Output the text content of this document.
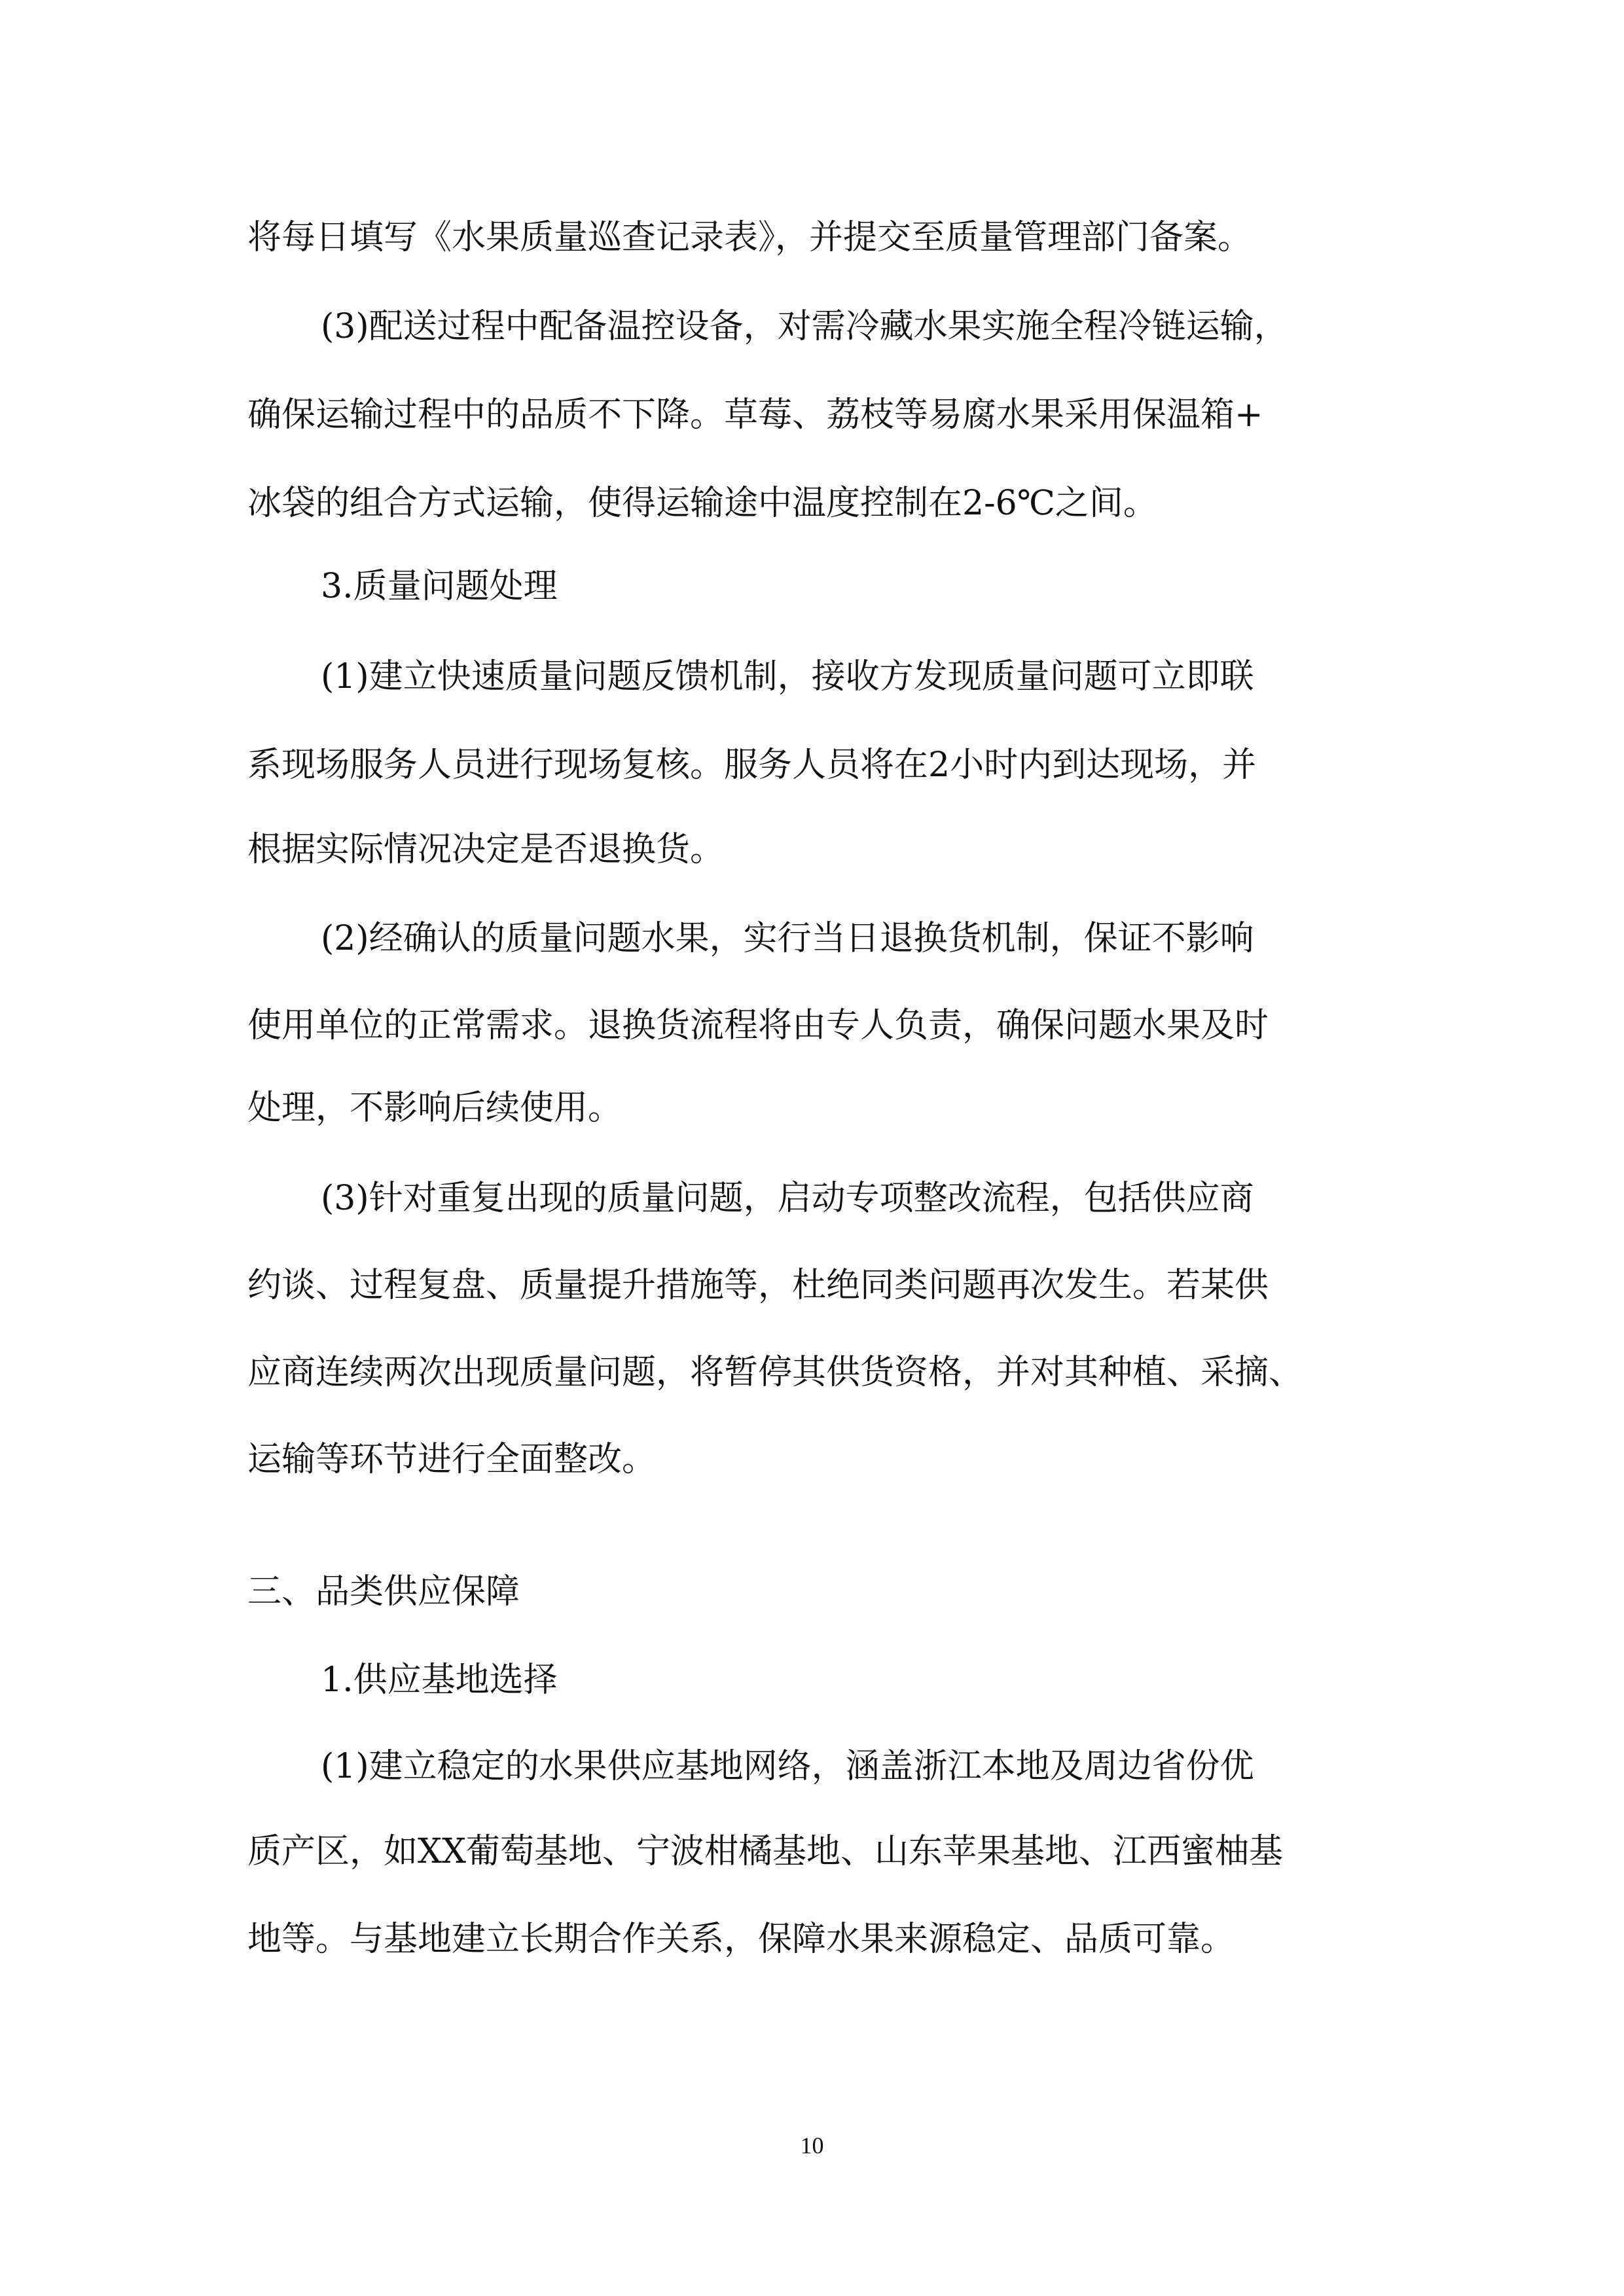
将每日填写《水果质量巡查记录表》，并提交至质量管理部门备案。
(3)配送过程中配备温控设备，对需冷藏水果实施全程冷链运输，
确保运输过程中的品质不下降。草莓、荔枝等易腐水果采用保温箱+
冰袋的组合方式运输，使得运输途中温度控制在2-6℃之间。
3.质量问题处理
(1)建立快速质量问题反馈机制，接收方发现质量问题可立即联
系现场服务人员进行现场复核。服务人员将在2小时内到达现场，并
根据实际情况决定是否退换货。
(2)经确认的质量问题水果，实行当日退换货机制，保证不影响
使用单位的正常需求。退换货流程将由专人负责，确保问题水果及时
处理，不影响后续使用。
(3)针对重复出现的质量问题，启动专项整改流程，包括供应商
约谈、过程复盘、质量提升措施等，杜绝同类问题再次发生。若某供
应商连续两次出现质量问题，将暂停其供货资格，并对其种植、采摘、
运输等环节进行全面整改。
三、品类供应保障
1.供应基地选择
(1)建立稳定的水果供应基地网络，涵盖浙江本地及周边省份优
质产区，如XX葡萄基地、宁波柑橘基地、山东苹果基地、江西蜜柚基
地等。与基地建立长期合作关系，保障水果来源稳定、品质可靠。
10
